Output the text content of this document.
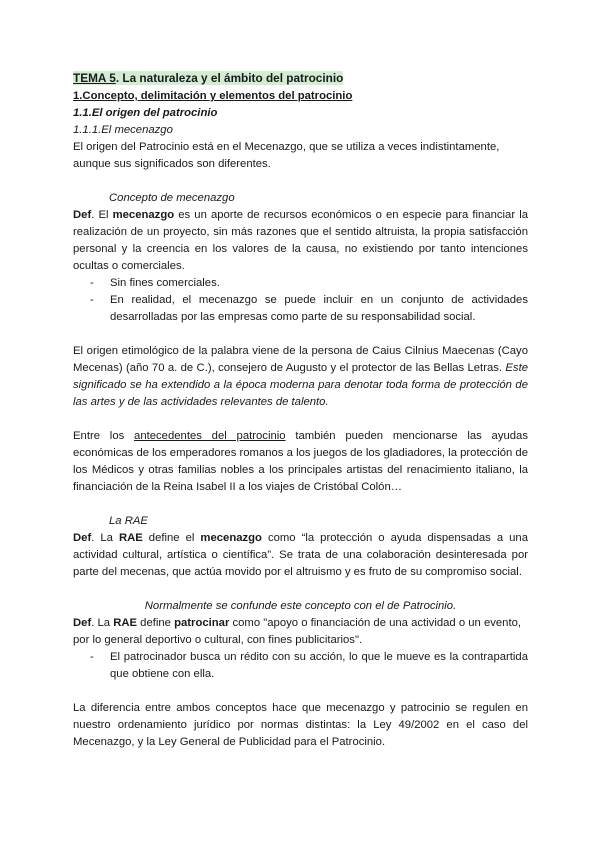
TEMA 5. La naturaleza y el ámbito del patrocinio

1.Concepto, delimitación y elementos del patrocinio

1.1.El origen del patrocinio

1.1.1.El mecenazgo

El origen del Patrocinio está en el Mecenazgo, que se utiliza a veces indistintamente, aunque sus significados son diferentes.

Concepto de mecenazgo

Def. El mecenazgo es un aporte de recursos económicos o en especie para financiar la realización de un proyecto, sin más razones que el sentido altruista, la propia satisfacción personal y la creencia en los valores de la causa, no existiendo por tanto intenciones ocultas o comerciales.

- Sin fines comerciales.
- En realidad, el mecenazgo se puede incluir en un conjunto de actividades desarrolladas por las empresas como parte de su responsabilidad social.

El origen etimológico de la palabra viene de la persona de Caius Cilnius Maecenas (Cayo Mecenas) (año 70 a. de C.), consejero de Augusto y el protector de las Bellas Letras. Este significado se ha extendido a la época moderna para denotar toda forma de protección de las artes y de las actividades relevantes de talento.

Entre los antecedentes del patrocinio también pueden mencionarse las ayudas económicas de los emperadores romanos a los juegos de los gladiadores, la protección de los Médicos y otras familias nobles a los principales artistas del renacimiento italiano, la financiación de la Reina Isabel II a los viajes de Cristóbal Colón…

La RAE

Def. La RAE define el mecenazgo como “la protección o ayuda dispensadas a una actividad cultural, artística o científica”. Se trata de una colaboración desinteresada por parte del mecenas, que actúa movido por el altruismo y es fruto de su compromiso social.

Normalmente se confunde este concepto con el de Patrocinio.

Def. La RAE define patrocinar como "apoyo o financiación de una actividad o un evento, por lo general deportivo o cultural, con fines publicitarios".

- El patrocinador busca un rédito con su acción, lo que le mueve es la contrapartida que obtiene con ella.

La diferencia entre ambos conceptos hace que mecenazgo y patrocinio se regulen en nuestro ordenamiento jurídico por normas distintas: la Ley 49/2002 en el caso del Mecenazgo, y la Ley General de Publicidad para el Patrocinio.
